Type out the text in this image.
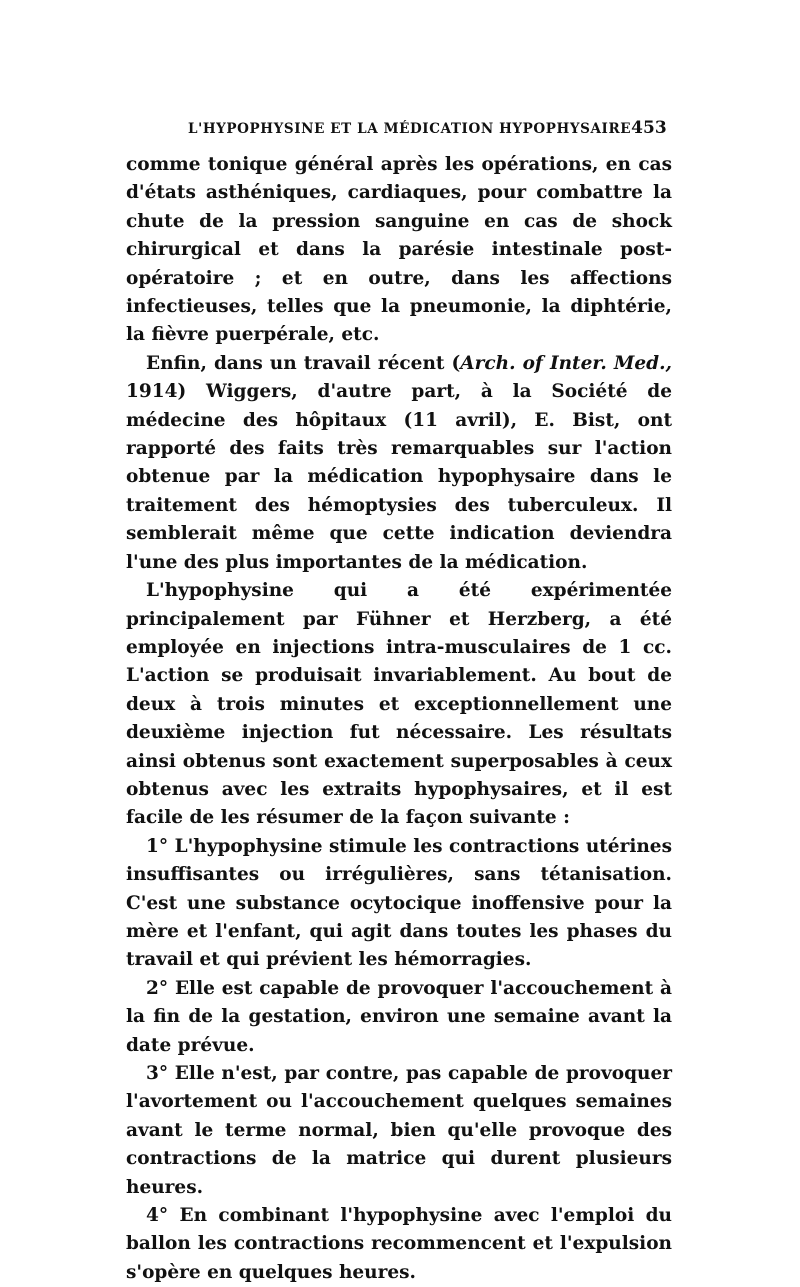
L'HYPOPHYSINE ET LA MÉDICATION HYPOPHYSAIRE 453

comme tonique général après les opérations, en cas d'états asthéniques, cardiaques, pour combattre la chute de la pression sanguine en cas de shock chirurgical et dans la parésie intestinale post-opératoire ; et en outre, dans les affections infectieuses, telles que la pneumonie, la diphtérie, la fièvre puerpérale, etc.

Enfin, dans un travail récent (Arch. of Inter. Med., 1914) Wiggers, d'autre part, à la Société de médecine des hôpitaux (11 avril), E. Bist, ont rapporté des faits très remarquables sur l'action obtenue par la médication hypophysaire dans le traitement des hémoptysies des tuberculeux. Il semblerait même que cette indication deviendra l'une des plus importantes de la médication.

L'hypophysine qui a été expérimentée principalement par Fühner et Herzberg, a été employée en injections intra-musculaires de 1 cc. L'action se produisait invariablement. Au bout de deux à trois minutes et exceptionnellement une deuxième injection fut nécessaire. Les résultats ainsi obtenus sont exactement superposables à ceux obtenus avec les extraits hypophysaires, et il est facile de les résumer de la façon suivante :

1° L'hypophysine stimule les contractions utérines insuffisantes ou irrégulières, sans tétanisation. C'est une substance ocytocique inoffensive pour la mère et l'enfant, qui agit dans toutes les phases du travail et qui prévient les hémorragies.

2° Elle est capable de provoquer l'accouchement à la fin de la gestation, environ une semaine avant la date prévue.

3° Elle n'est, par contre, pas capable de provoquer l'avortement ou l'accouchement quelques semaines avant le terme normal, bien qu'elle provoque des contractions de la matrice qui durent plusieurs heures.

4° En combinant l'hypophysine avec l'emploi du ballon les contractions recommencent et l'expulsion s'opère en quelques heures.
